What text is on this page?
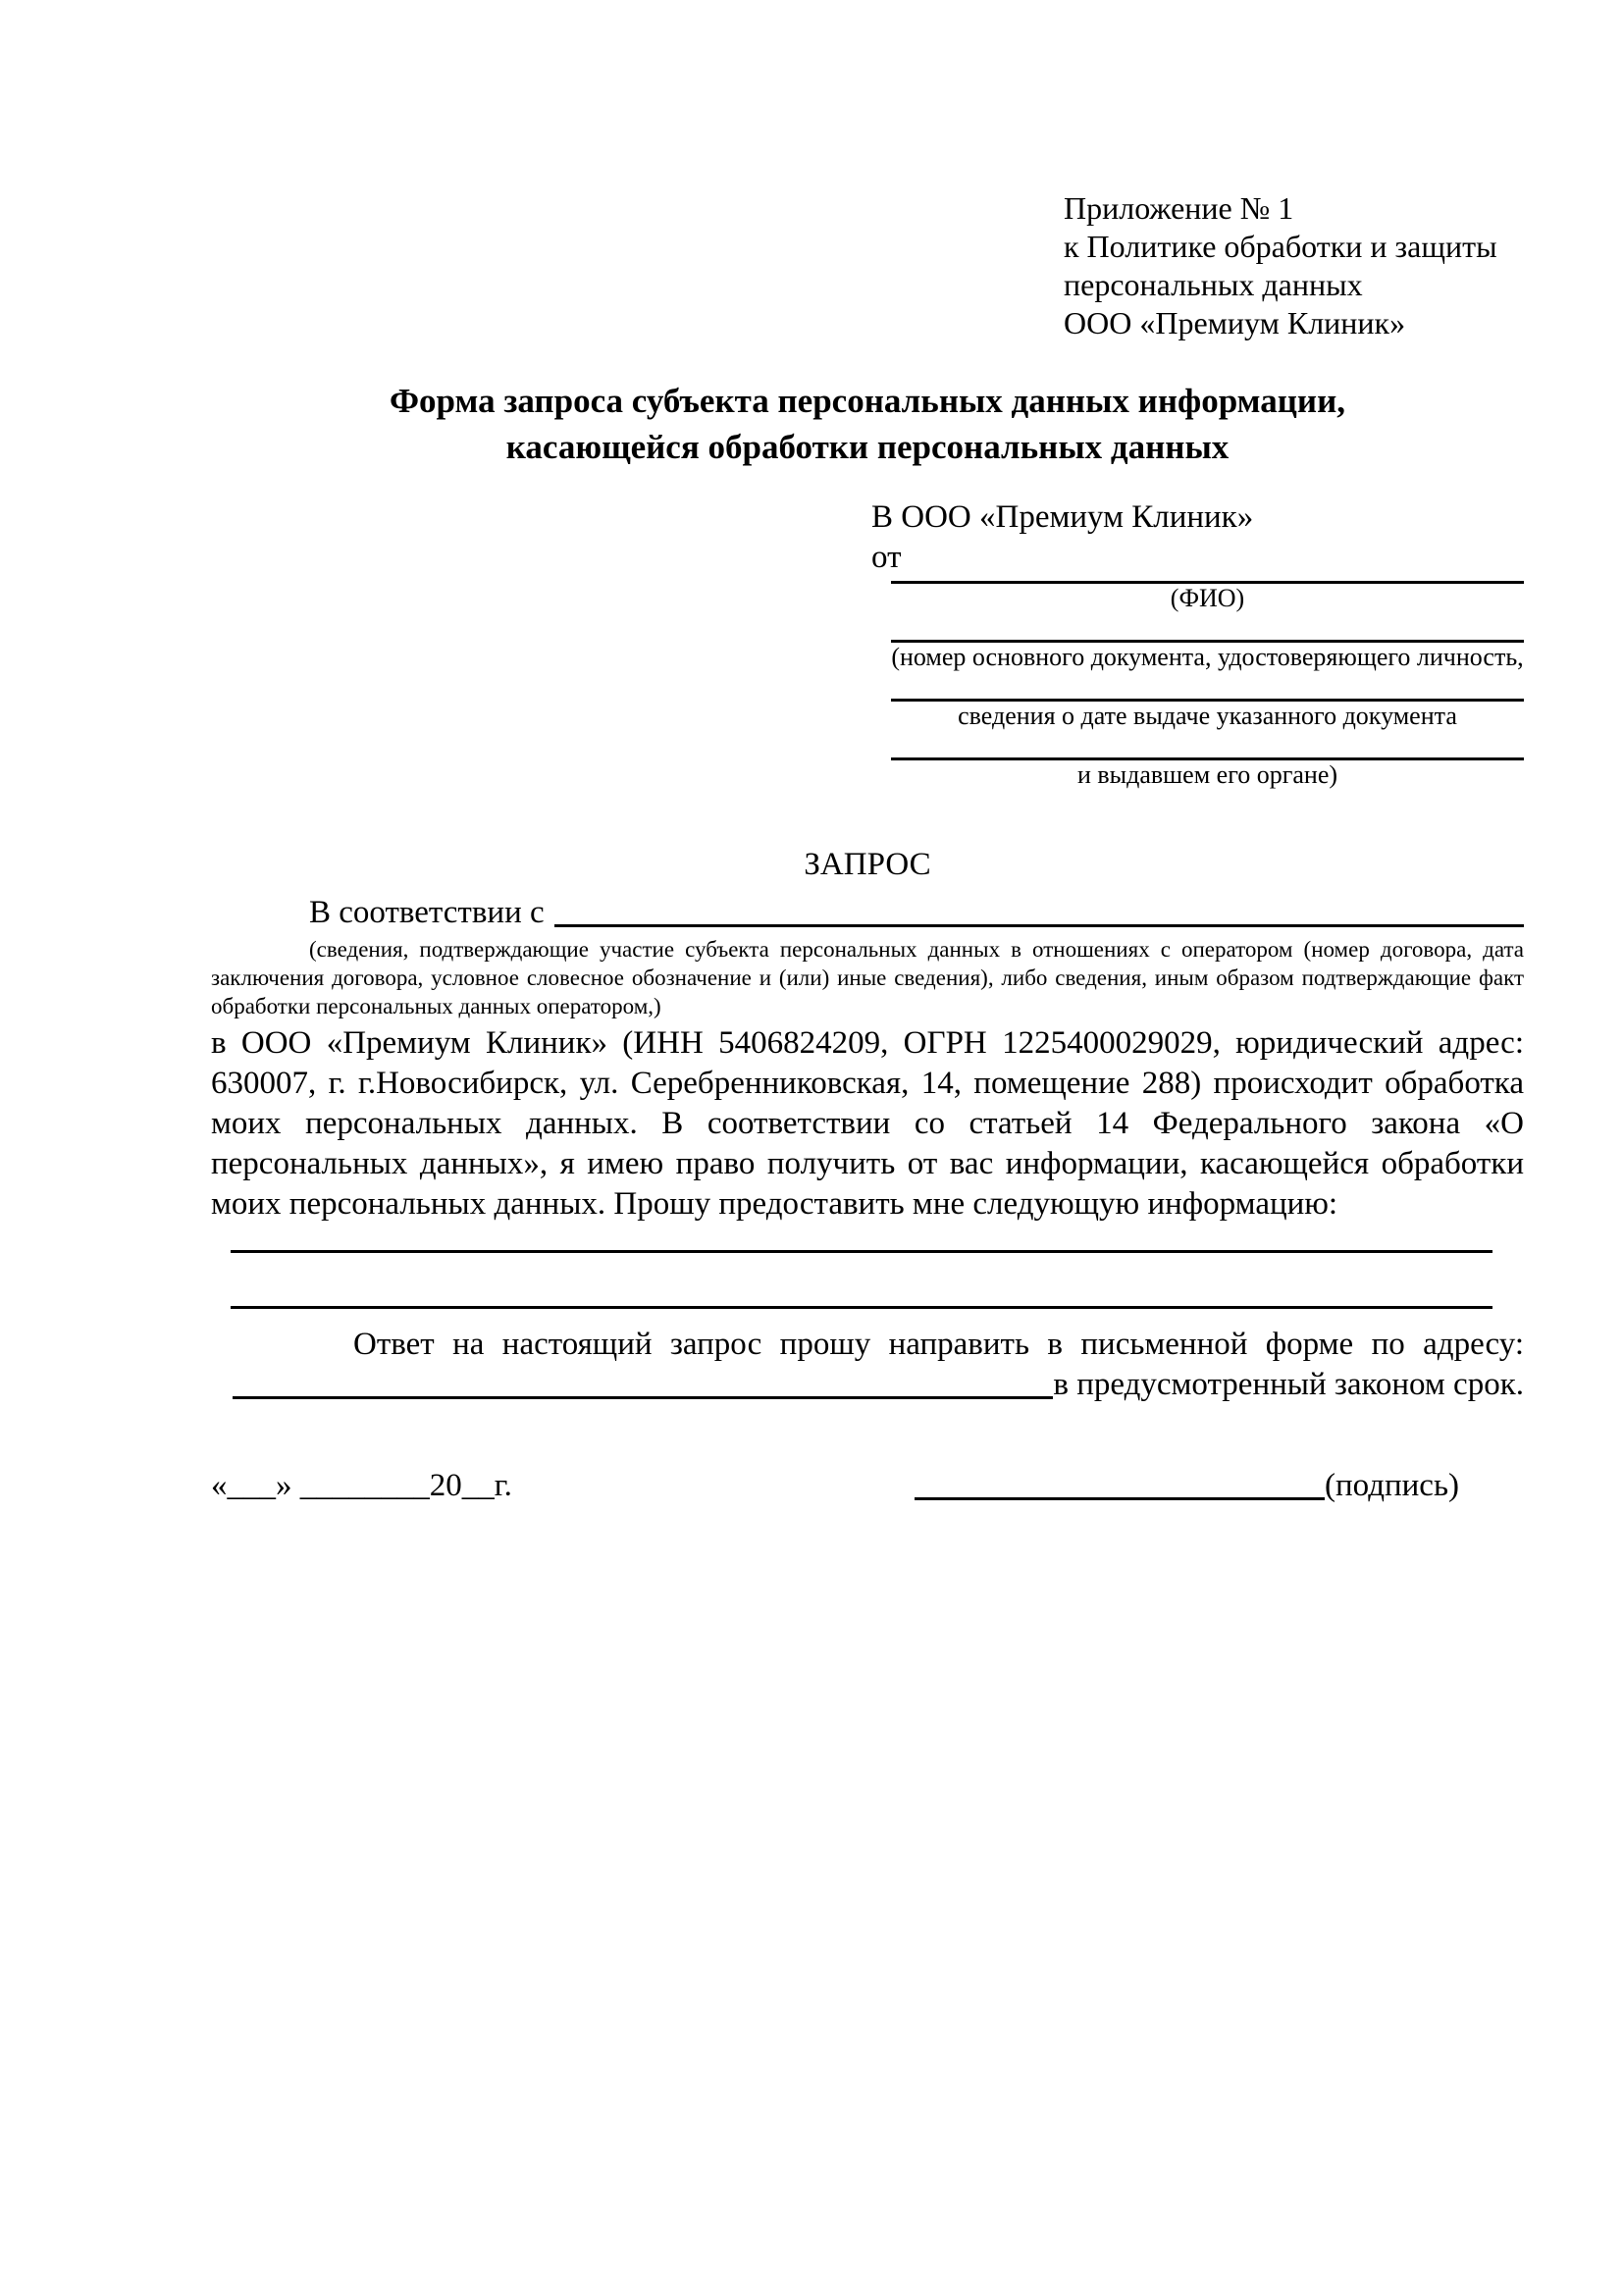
Приложение № 1
к Политике обработки и защиты
персональных данных
ООО «Премиум Клиник»
Форма запроса субъекта персональных данных информации,
касающейся обработки персональных данных
В ООО «Премиум Клиник»
от
(ФИО)
(номер основного документа, удостоверяющего личность,
сведения о дате выдаче указанного документа
и выдавшем его органе)
ЗАПРОС
В соответствии с
(сведения, подтверждающие участие субъекта персональных данных в отношениях с оператором (номер договора, дата
заключения договора, условное словесное обозначение и (или) иные сведения), либо сведения, иным образом подтверждающие факт
обработки персональных данных оператором,)
в ООО «Премиум Клиник» (ИНН 5406824209, ОГРН 1225400029029, юридический адрес:
630007, г. г.Новосибирск, ул. Серебренниковская, 14, помещение 288) происходит обработка
моих персональных данных. В соответствии со статьей 14 Федерального закона «О
персональных данных», я имею право получить от вас информации, касающейся обработки
моих персональных данных. Прошу предоставить мне следующую информацию:
Ответ на настоящий запрос прошу направить в письменной форме по адресу:
в предусмотренный законом срок.
«___» ________20__г.	(подпись)
